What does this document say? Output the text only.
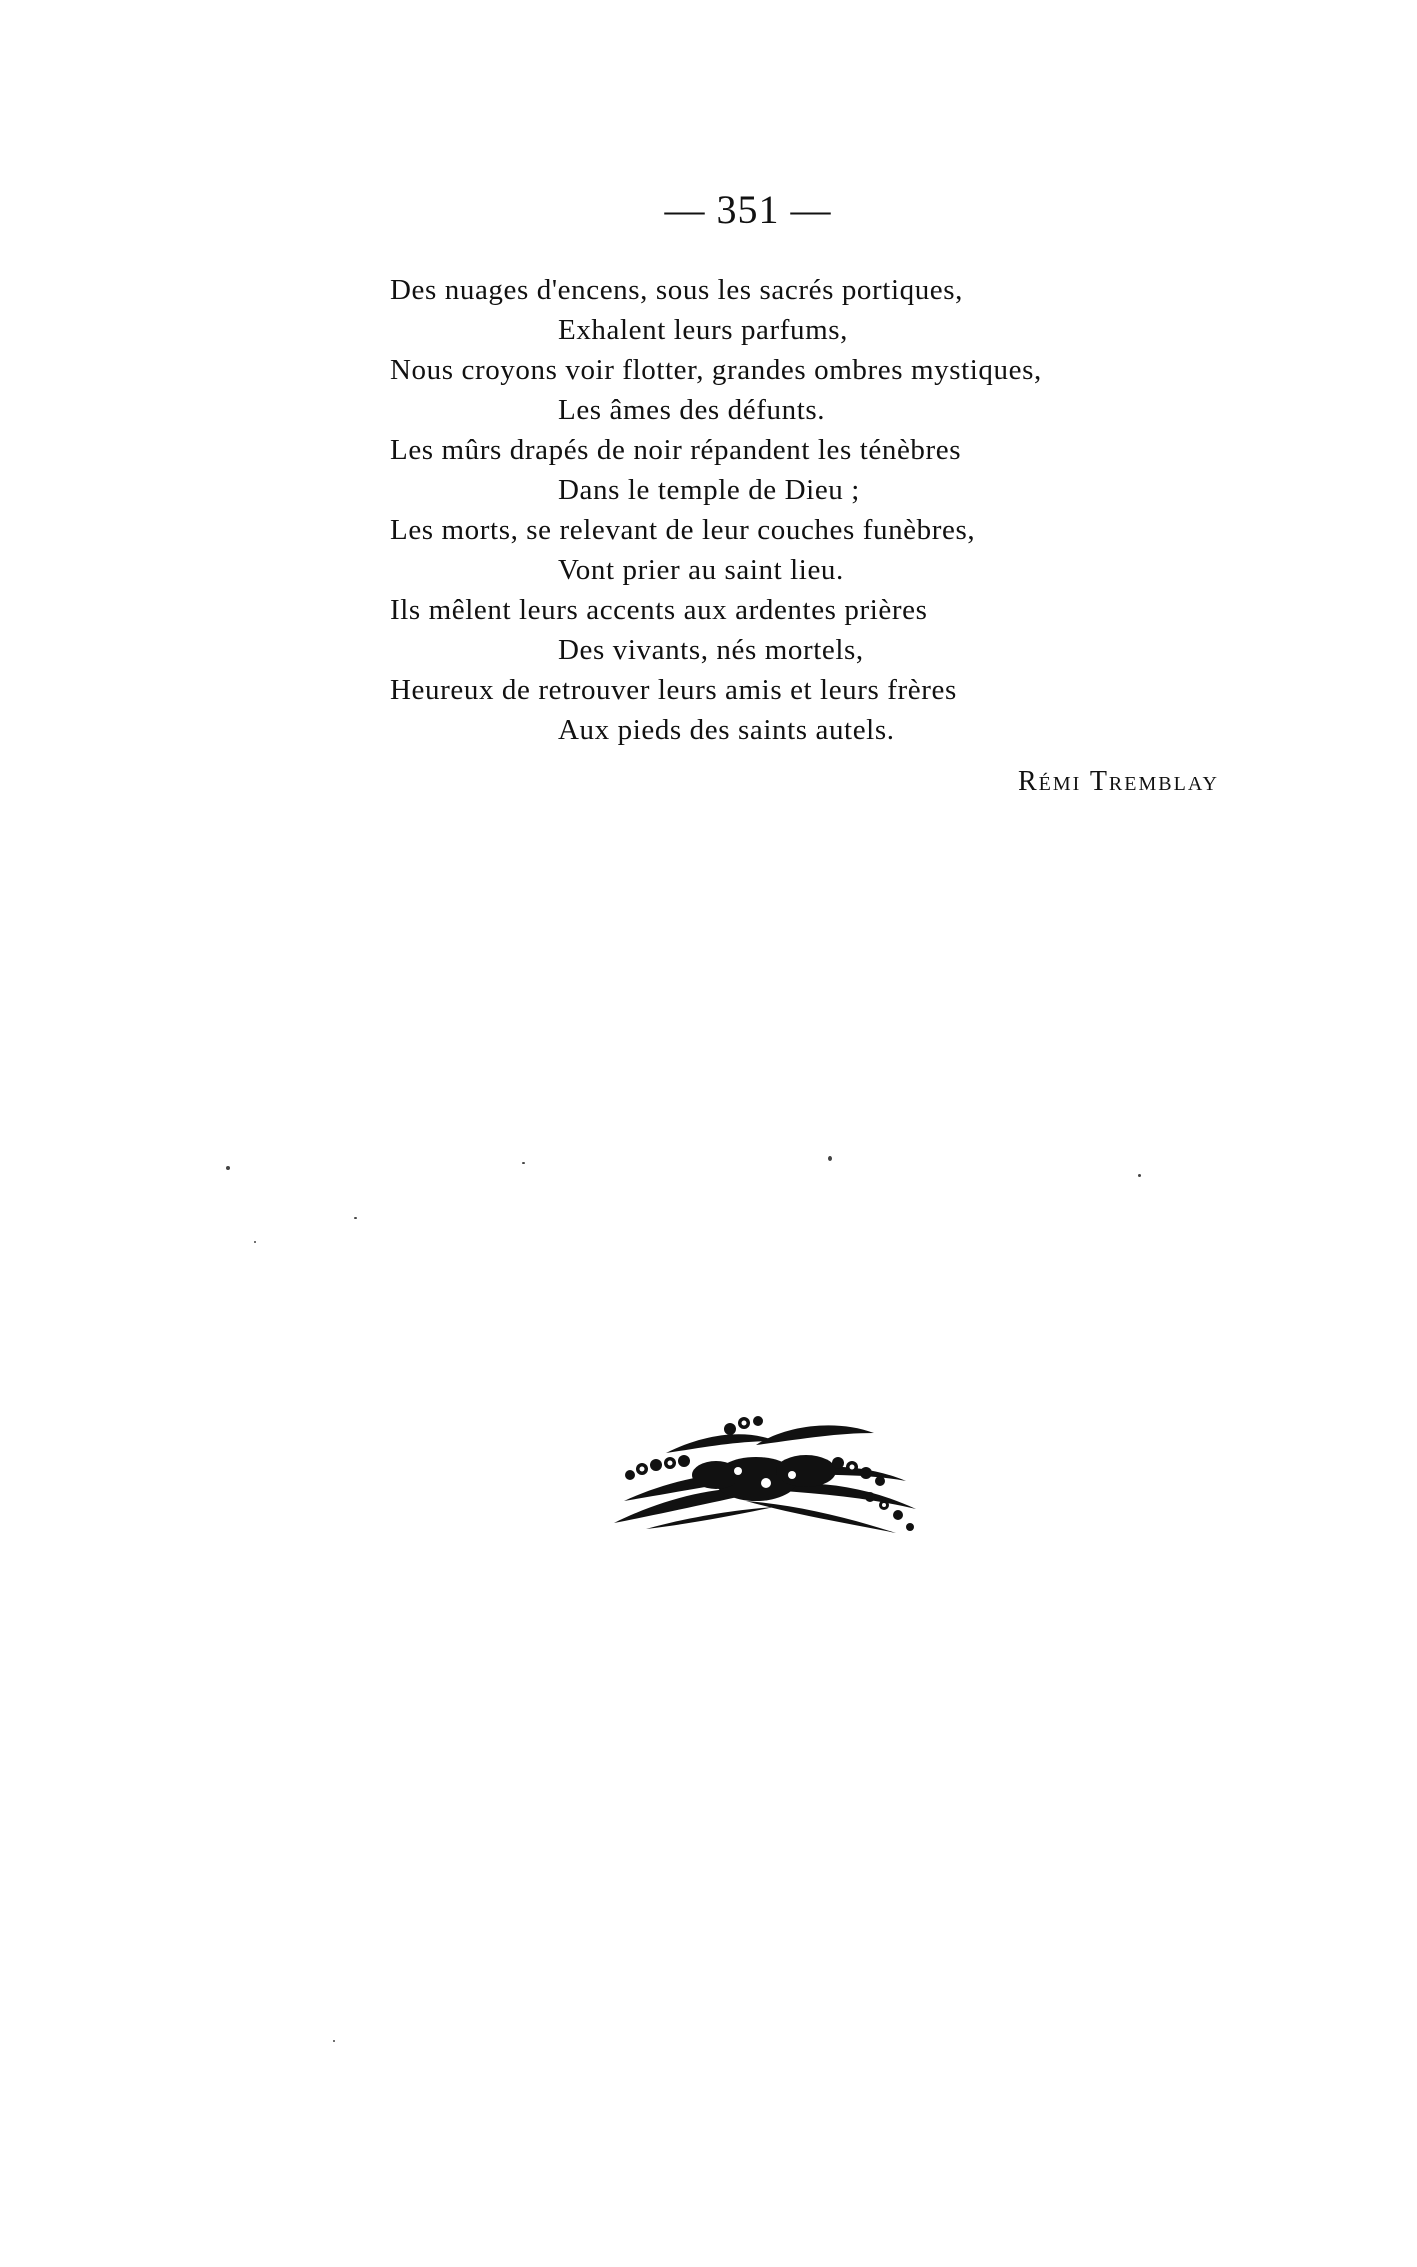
— 351 —
Des nuages d'encens, sous les sacrés portiques,
Exhalent leurs parfums,
Nous croyons voir flotter, grandes ombres mystiques,
Les âmes des défunts.
Les mûrs drapés de noir répandent les ténèbres
Dans le temple de Dieu ;
Les morts, se relevant de leur couches funèbres,
Vont prier au saint lieu.
Ils mêlent leurs accents aux ardentes prières
Des vivants, nés mortels,
Heureux de retrouver leurs amis et leurs frères
Aux pieds des saints autels.
Rémi Tremblay
